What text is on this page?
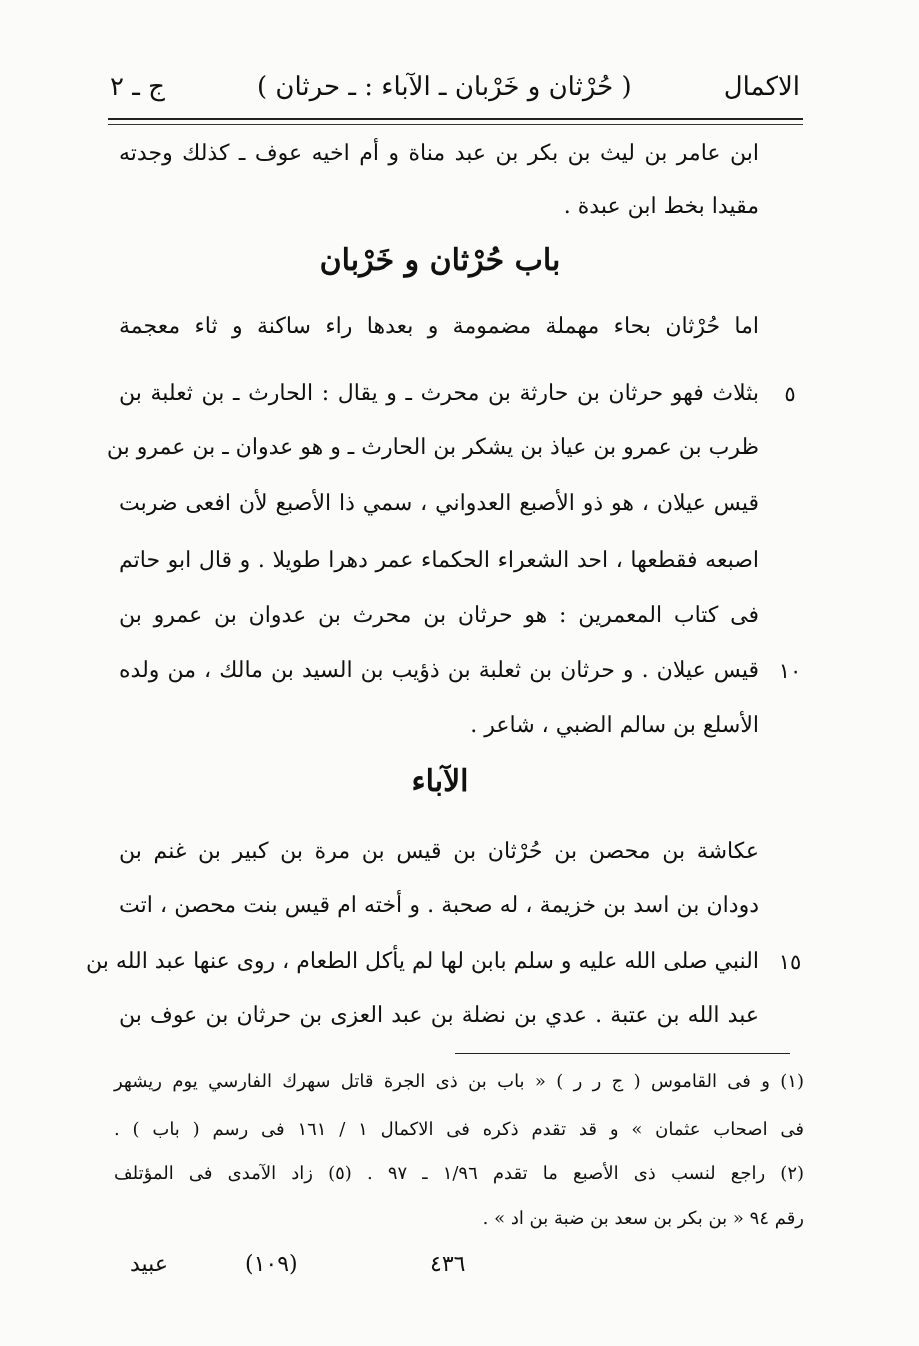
الاكمال
( حُرْثان و خَرْبان ـ الآباء : ـ حرثان )
ج ـ ٢
ابن عامر بن ليث بن بكر بن عبد مناة و أم اخيه عوف ـ كذلك وجدته
مقيدا بخط ابن عبدة .
باب حُرْثان و خَرْبان
اما حُرْثان بحاء مهملة مضمومة و بعدها راء ساكنة و ثاء معجمة
بثلاث فهو حرثان بن حارثة بن محرث ـ و يقال : الحارث ـ بن ثعلبة بن	٥
ظرب بن عمرو بن عياذ بن يشكر بن الحارث ـ و هو عدوان ـ بن عمرو بن
قيس عيلان ، هو ذو الأصبع العدواني ، سمي ذا الأصبع لأن افعى ضربت
اصبعه فقطعها ، احد الشعراء الحكماء عمر دهرا طويلا . و قال ابو حاتم
فى كتاب المعمرين : هو حرثان بن محرث بن عدوان بن عمرو بن
قيس عيلان . و حرثان بن ثعلبة بن ذؤيب بن السيد بن مالك ، من ولده ١٠
الأسلع بن سالم الضبي ، شاعر .
الآباء
عكاشة بن محصن بن حُرْثان بن قيس بن مرة بن كبير بن غنم بن
دودان بن اسد بن خزيمة ، له صحبة . و أخته ام قيس بنت محصن ، اتت
النبي صلى الله عليه و سلم بابن لها لم يأكل الطعام ، روى عنها عبد الله بن ١٥
عبد الله بن عتبة . عدي بن نضلة بن عبد العزى بن حرثان بن عوف بن
(١) و فى القاموس ( ج ر ر ) « باب بن ذى الجرة قاتل سهرك الفارسي يوم ريشهر
فى اصحاب عثمان » و قد تقدم ذكره فى الاكمال ١ / ١٦١ فى رسم ( باب ) .
(٢) راجع لنسب ذى الأصبع ما تقدم ١/٩٦ ـ ٩٧ . (٥) زاد الآمدى فى المؤتلف
رقم ٩٤ « بن بكر بن سعد بن ضبة بن اد » .
عبيد	(١٠٩)	٤٣٦
